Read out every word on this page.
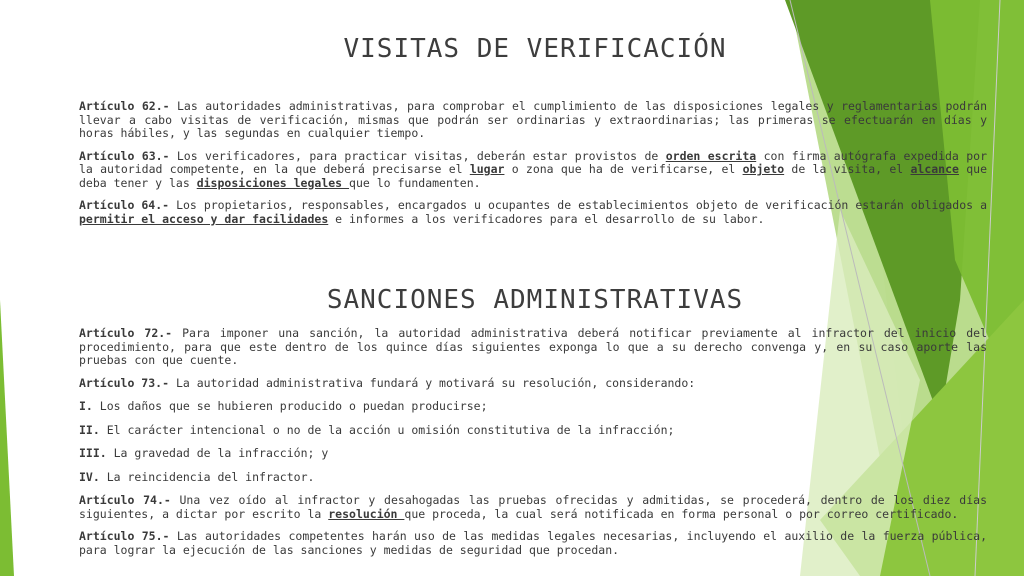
VISITAS DE VERIFICACIÓN

Artículo 62.- Las autoridades administrativas, para comprobar el cumplimiento de las disposiciones legales y reglamentarias podrán llevar a cabo visitas de verificación, mismas que podrán ser ordinarias y extraordinarias; las primeras se efectuarán en días y horas hábiles, y las segundas en cualquier tiempo.

Artículo 63.- Los verificadores, para practicar visitas, deberán estar provistos de orden escrita con firma autógrafa expedida por la autoridad competente, en la que deberá precisarse el lugar o zona que ha de verificarse, el objeto de la visita, el alcance que deba tener y las disposiciones legales que lo fundamenten.

Artículo 64.- Los propietarios, responsables, encargados u ocupantes de establecimientos objeto de verificación estarán obligados a permitir el acceso y dar facilidades e informes a los verificadores para el desarrollo de su labor.

SANCIONES ADMINISTRATIVAS

Artículo 72.- Para imponer una sanción, la autoridad administrativa deberá notificar previamente al infractor del inicio del procedimiento, para que este dentro de los quince días siguientes exponga lo que a su derecho convenga y, en su caso aporte las pruebas con que cuente.

Artículo 73.- La autoridad administrativa fundará y motivará su resolución, considerando:

I. Los daños que se hubieren producido o puedan producirse;

II. El carácter intencional o no de la acción u omisión constitutiva de la infracción;

III. La gravedad de la infracción; y

IV. La reincidencia del infractor.

Artículo 74.- Una vez oído al infractor y desahogadas las pruebas ofrecidas y admitidas, se procederá, dentro de los diez días siguientes, a dictar por escrito la resolución que proceda, la cual será notificada en forma personal o por correo certificado.

Artículo 75.- Las autoridades competentes harán uso de las medidas legales necesarias, incluyendo el auxilio de la fuerza pública, para lograr la ejecución de las sanciones y medidas de seguridad que procedan.
